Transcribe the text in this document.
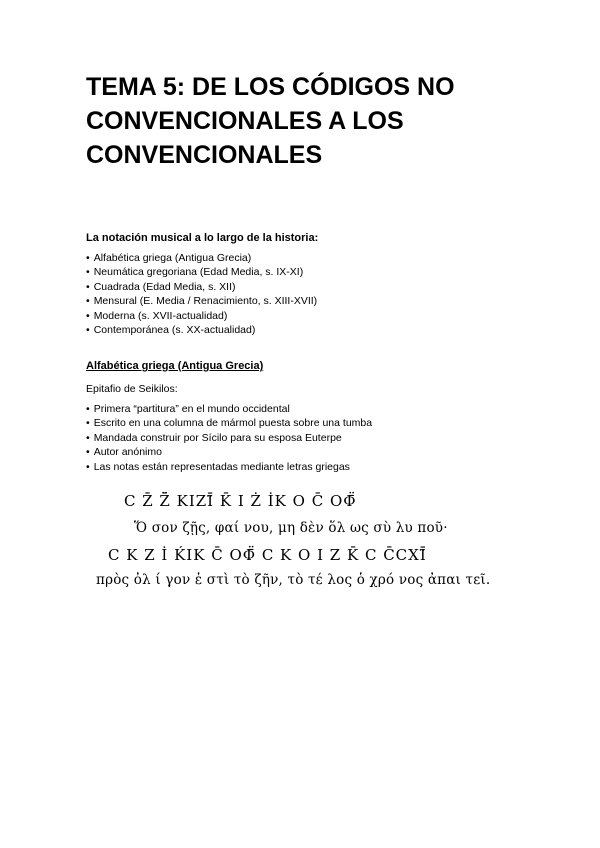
TEMA 5: DE LOS CÓDIGOS NO
CONVENCIONALES A LOS
CONVENCIONALES

La notación musical a lo largo de la historia:

• Alfabética griega (Antigua Grecia)
• Neumática gregoriana (Edad Media, s. IX-XI)
• Cuadrada (Edad Media, s. XII)
• Mensural (E. Media / Renacimiento, s. XIII-XVII)
• Moderna (s. XVII-actualidad)
• Contemporánea (s. XX-actualidad)

Alfabética griega (Antigua Grecia)

Epitafio de Seikilos:

• Primera “partitura” en el mundo occidental
• Escrito en una columna de mármol puesta sobre una tumba
• Mandada construir por Sícilo para su esposa Euterpe
• Autor anónimo
• Las notas están representadas mediante letras griegas
C Z̄ Z̄̈ KIZĪ̈ K̄ I Ż İK O C̄ OΦ̄̈
Ὅ σον ζῇς, φαί νου, μη δὲν ὅλ ως σὺ λυ ποῦ·
C K Z İ ḰIK C̄ OΦ̄̈ C K O I Z K̄ C C̄CXĪ̈
πρὸς ὀλ ί γον ἐ στὶ τὸ ζῆν, τὸ τέ λος ὁ χρό νος ἀπαι τεῖ.
